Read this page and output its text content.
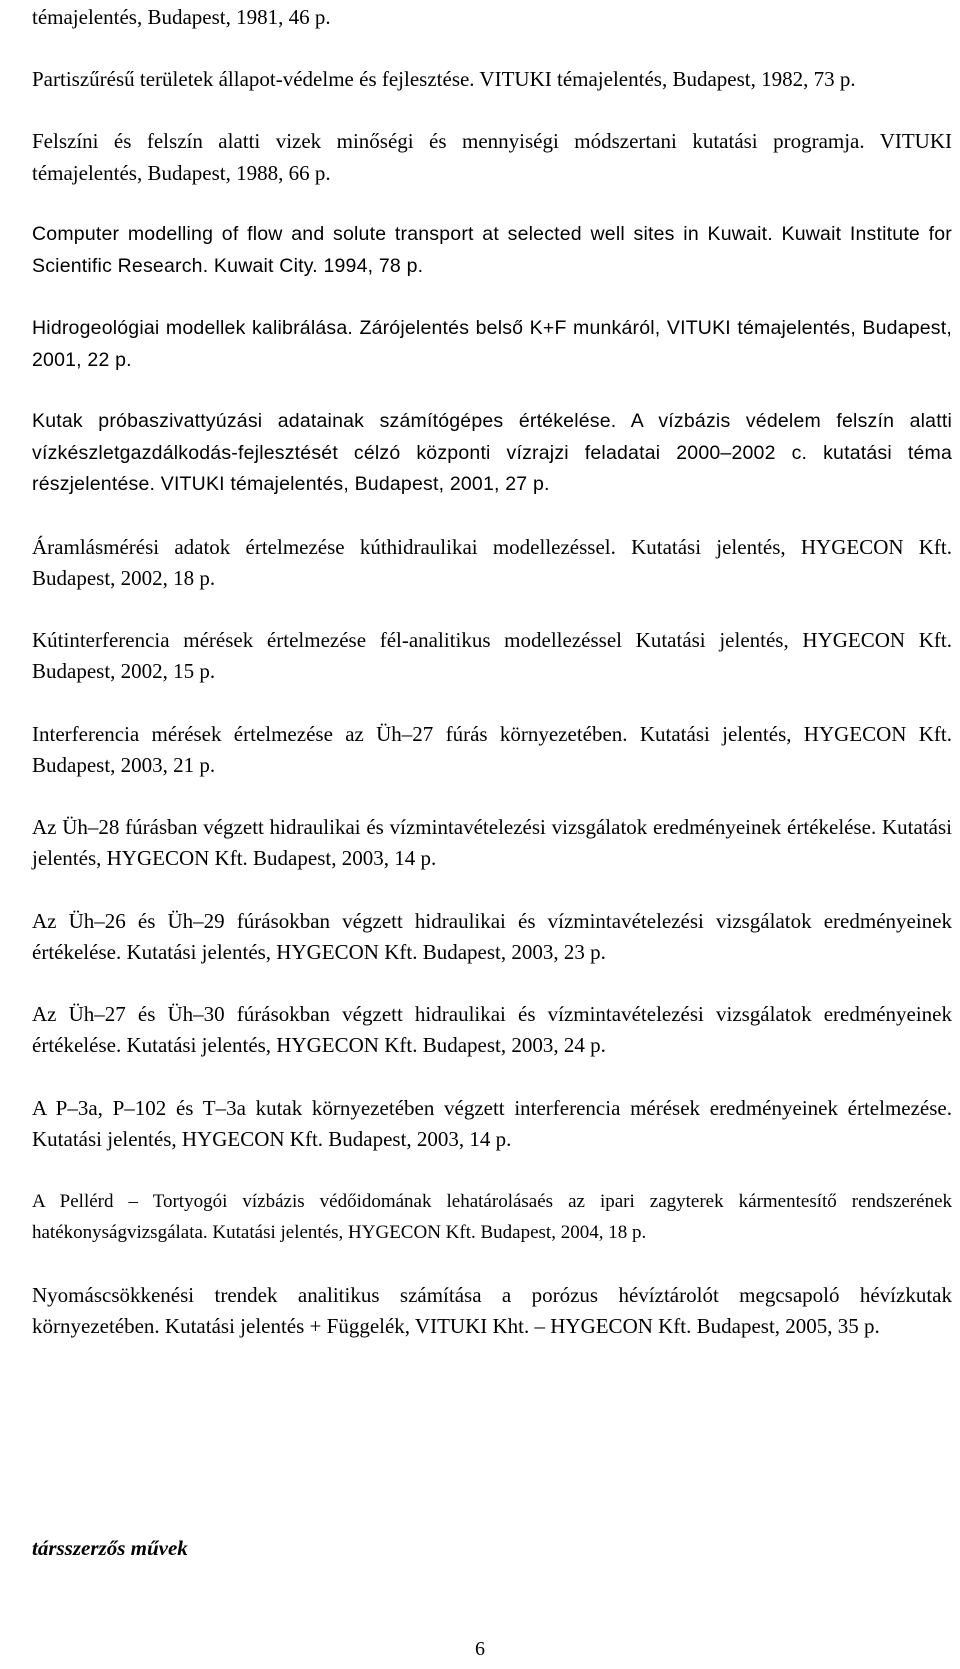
témajelentés, Budapest, 1981, 46 p.

Partiszűrésű területek állapot-védelme és fejlesztése. VITUKI témajelentés, Budapest, 1982, 73 p.

Felszíni és felszín alatti vizek minőségi és mennyiségi módszertani kutatási programja. VITUKI témajelentés, Budapest, 1988, 66 p.

Computer modelling of flow and solute transport at selected well sites in Kuwait. Kuwait Institute for Scientific Research. Kuwait City. 1994, 78 p.

Hidrogeológiai modellek kalibrálása. Zárójelentés belső K+F munkáról, VITUKI témajelentés, Budapest, 2001, 22 p.

Kutak próbaszivattyúzási adatainak számítógépes értékelése. A vízbázis védelem felszín alatti vízkészletgazdálkodás-fejlesztését célzó központi vízrajzi feladatai 2000–2002 c. kutatási téma részjelentése. VITUKI témajelentés, Budapest, 2001, 27 p.

Áramlásmérési adatok értelmezése kúthidraulikai modellezéssel. Kutatási jelentés, HYGECON Kft. Budapest, 2002, 18 p.

Kútinterferencia mérések értelmezése fél-analitikus modellezéssel Kutatási jelentés, HYGECON Kft. Budapest, 2002, 15 p.

Interferencia mérések értelmezése az Üh–27 fúrás környezetében. Kutatási jelentés, HYGECON Kft. Budapest, 2003, 21 p.

Az Üh–28 fúrásban végzett hidraulikai és vízmintavételezési vizsgálatok eredményeinek értékelése. Kutatási jelentés, HYGECON Kft. Budapest, 2003, 14 p.

Az Üh–26 és Üh–29 fúrásokban végzett hidraulikai és vízmintavételezési vizsgálatok eredményeinek értékelése. Kutatási jelentés, HYGECON Kft. Budapest, 2003, 23 p.

Az Üh–27 és Üh–30 fúrásokban végzett hidraulikai és vízmintavételezési vizsgálatok eredményeinek értékelése. Kutatási jelentés, HYGECON Kft. Budapest, 2003, 24 p.

A P–3a, P–102 és T–3a kutak környezetében végzett interferencia mérések eredményeinek értelmezése. Kutatási jelentés, HYGECON Kft. Budapest, 2003, 14 p.

A Pellérd – Tortyogói vízbázis védőidomának lehatárolásaés az ipari zagyterek kármentesítő rendszerének hatékonyságvizsgálata. Kutatási jelentés, HYGECON Kft. Budapest, 2004, 18 p.

Nyomáscsökkenési trendek analitikus számítása a porózus hévíztárolót megcsapoló hévízkutak környezetében. Kutatási jelentés + Függelék, VITUKI Kht. – HYGECON Kft. Budapest, 2005, 35 p.

társszerzős művek

6
